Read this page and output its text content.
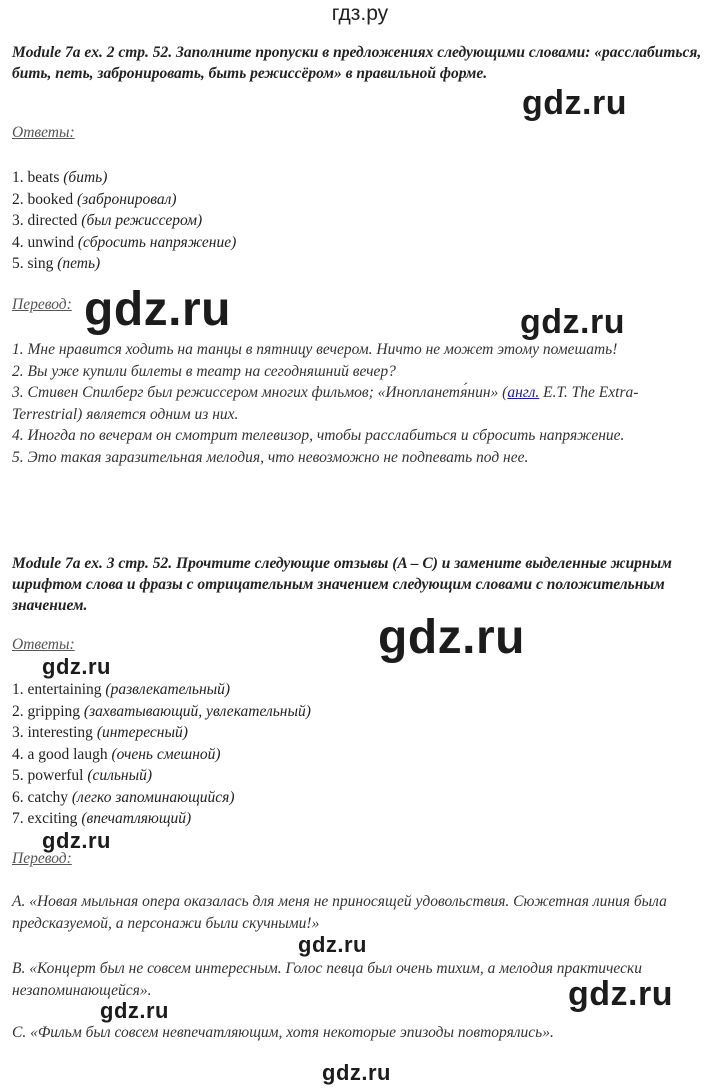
гдз.ру
Module 7a ex. 2 стр. 52. Заполните пропуски в предложениях следующими словами: «расслабиться, бить, петь, забронировать, быть режиссёром» в правильной форме.
Ответы:
1. beats (бить)
2. booked (забронировал)
3. directed (был режиссером)
4. unwind (сбросить напряжение)
5. sing (петь)
Перевод:
1. Мне нравится ходить на танцы в пятницу вечером. Ничто не может этому помешать!
2. Вы уже купили билеты в театр на сегодняшний вечер?
3. Стивен Спилберг был режиссером многих фильмов; «Инопланетя́нин» (англ. E.T. The Extra-Terrestrial) является одним из них.
4. Иногда по вечерам он смотрит телевизор, чтобы расслабиться и сбросить напряжение.
5. Это такая заразительная мелодия, что невозможно не подпевать под нее.
Module 7a ex. 3 стр. 52. Прочтите следующие отзывы (A – C) и замените выделенные жирным шрифтом слова и фразы с отрицательным значением следующим словами с положительным значением.
Ответы:
1. entertaining (развлекательный)
2. gripping (захватывающий, увлекательный)
3. interesting (интересный)
4. a good laugh (очень смешной)
5. powerful (сильный)
6. catchy (легко запоминающийся)
7. exciting (впечатляющий)
Перевод:
A. «Новая мыльная опера оказалась для меня не приносящей удовольствия. Сюжетная линия была предсказуемой, а персонажи были скучными!»
B. «Концерт был не совсем интересным. Голос певца был очень тихим, а мелодия практически незапоминающейся».
C. «Фильм был совсем невпечатляющим, хотя некоторые эпизоды повторялись».
gdz.ru
gdz.ru	gdz.ru
gdz.ru
gdz.ru
gdz.ru
gdz.ru
gdz.ru
gdz.ru
gdz.ru
